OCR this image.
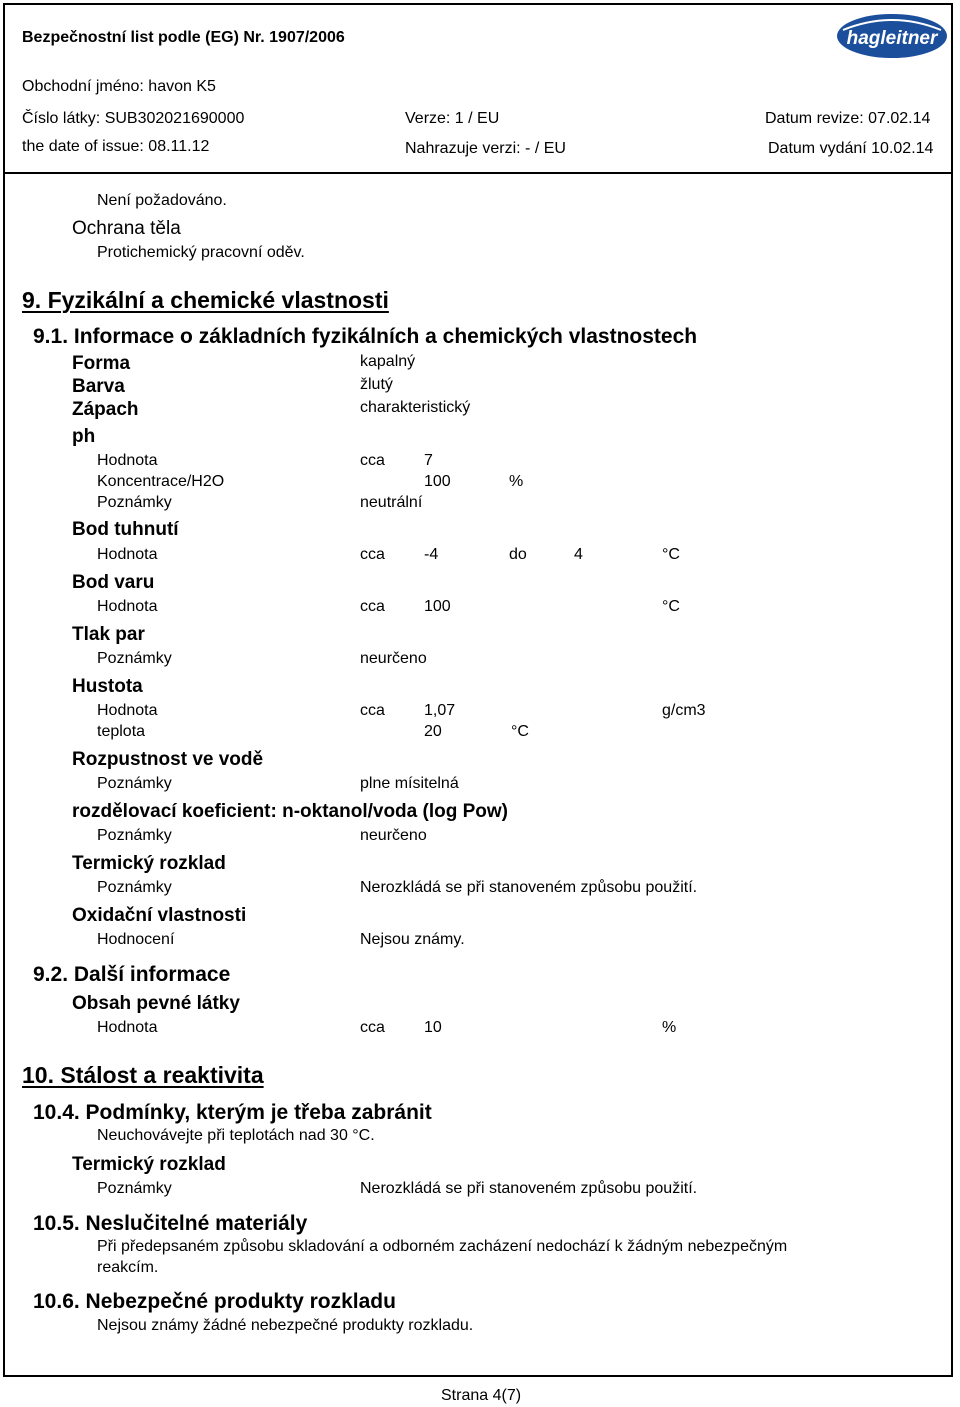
Bezpečnostní list podle (EG) Nr. 1907/2006	hagleitner
Obchodní jméno: havon K5
Číslo látky: SUB302021690000	Verze: 1 / EU	Datum revize: 07.02.14
the date of issue: 08.11.12	Nahrazuje verzi: - / EU	Datum vydání 10.02.14
Není požadováno.
Ochrana těla
Protichemický pracovní oděv.
9. Fyzikální a chemické vlastnosti
9.1. Informace o základních fyzikálních a chemických vlastnostech
Forma	kapalný
Barva	žlutý
Zápach	charakteristický
ph
Hodnota	cca 7
Koncentrace/H2O	100	%
Poznámky	neutrální
Bod tuhnutí
Hodnota	cca -4	do	4	°C
Bod varu
Hodnota	cca 100	°C
Tlak par
Poznámky	neurčeno
Hustota
Hodnota	cca 1,07	g/cm3
teplota	20	°C
Rozpustnost ve vodě
Poznámky	plne mísitelná
rozdělovací koeficient: n-oktanol/voda (log Pow)
Poznámky	neurčeno
Termický rozklad
Poznámky	Nerozkládá se při stanoveném způsobu použití.
Oxidační vlastnosti
Hodnocení	Nejsou známy.
9.2. Další informace
Obsah pevné látky
Hodnota	cca 10	%
10. Stálost a reaktivita
10.4. Podmínky, kterým je třeba zabránit
Neuchovávejte při teplotách nad 30 °C.
Termický rozklad
Poznámky	Nerozkládá se při stanoveném způsobu použití.
10.5. Neslučitelné materiály
Při předepsaném způsobu skladování a odborném zacházení nedochází k žádným nebezpečným
reakcím.
10.6. Nebezpečné produkty rozkladu
Nejsou známy žádné nebezpečné produkty rozkladu.
Strana 4(7)
